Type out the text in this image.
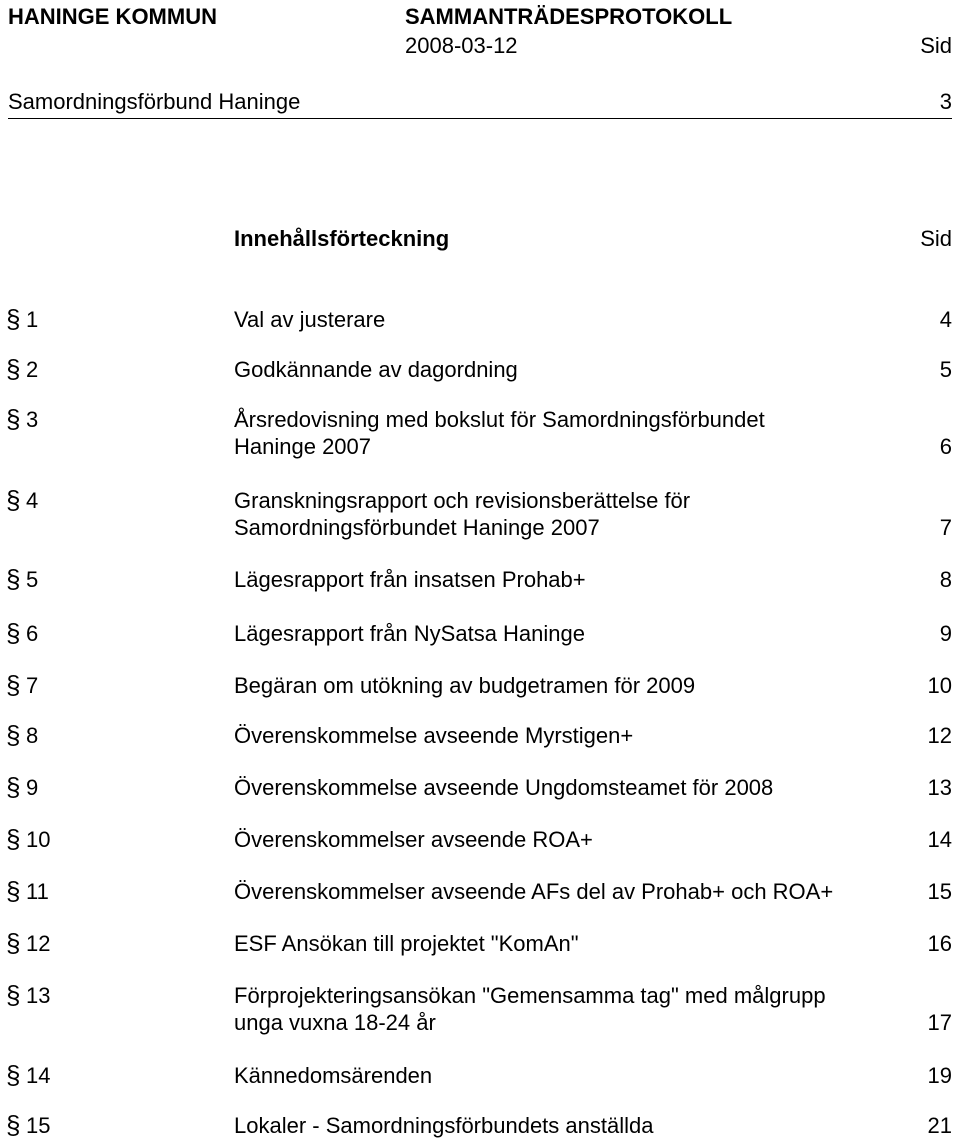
HANINGE KOMMUN	SAMMANTRÄDESPROTOKOLL
2008-03-12	Sid
Samordningsförbund Haninge	3
Innehållsförteckning	Sid
§ 1	Val av justerare	4
§ 2	Godkännande av dagordning	5
§ 3	Årsredovisning med bokslut för Samordningsförbundet
Haninge 2007	6
§ 4	Granskningsrapport och revisionsberättelse för
Samordningsförbundet Haninge 2007	7
§ 5	Lägesrapport från insatsen Prohab+	8
§ 6	Lägesrapport från NySatsa Haninge	9
§ 7	Begäran om utökning av budgetramen för 2009	10
§ 8	Överenskommelse avseende Myrstigen+	12
§ 9	Överenskommelse avseende Ungdomsteamet för 2008	13
§ 10	Överenskommelser avseende ROA+	14
§ 11	Överenskommelser avseende AFs del av Prohab+ och ROA+	15
§ 12	ESF Ansökan till projektet "KomAn"	16
§ 13	Förprojekteringsansökan "Gemensamma tag" med målgrupp
unga vuxna 18-24 år	17
§ 14	Kännedomsärenden	19
§ 15	Lokaler - Samordningsförbundets anställda	21
